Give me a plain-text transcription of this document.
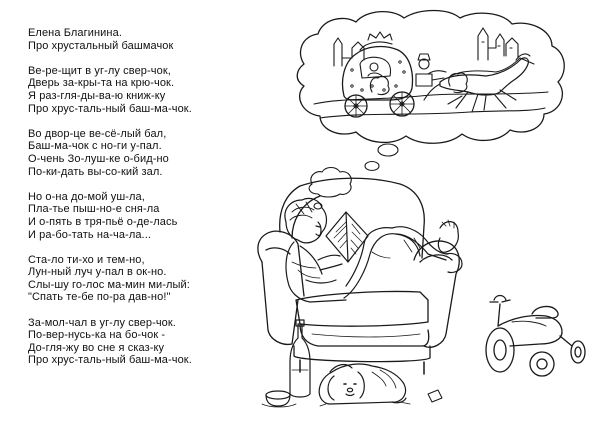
Елена Благинина.
Про хрустальный башмачок
Ве-ре-щит в уг-лу свер-чок,
Дверь за-кры-та на крю-чок.
Я раз-гля-ды-ва-ю книж-ку
Про хрус-таль-ный баш-ма-чок.
Во двор-це ве-сё-лый бал,
Баш-ма-чок с но-ги у-пал.
О-чень Зо-луш-ке о-бид-но
По-ки-дать вы-со-кий зал.
Но о-на до-мой уш-ла,
Пла-тье пыш-но-е сня-ла
И о-пять в тря-пьё о-де-лась
И ра-бо-тать на-ча-ла...
Ста-ло ти-хо и тем-но,
Лун-ный луч у-пал в ок-но.
Слы-шу го-лос ма-мин ми-лый:
"Спать те-бе по-ра дав-но!"
За-мол-чал в уг-лу свер-чок.
По-вер-нусь-ка на бо-чок -
До-гля-жу во сне я сказ-ку
Про хрус-таль-ный баш-ма-чок.
